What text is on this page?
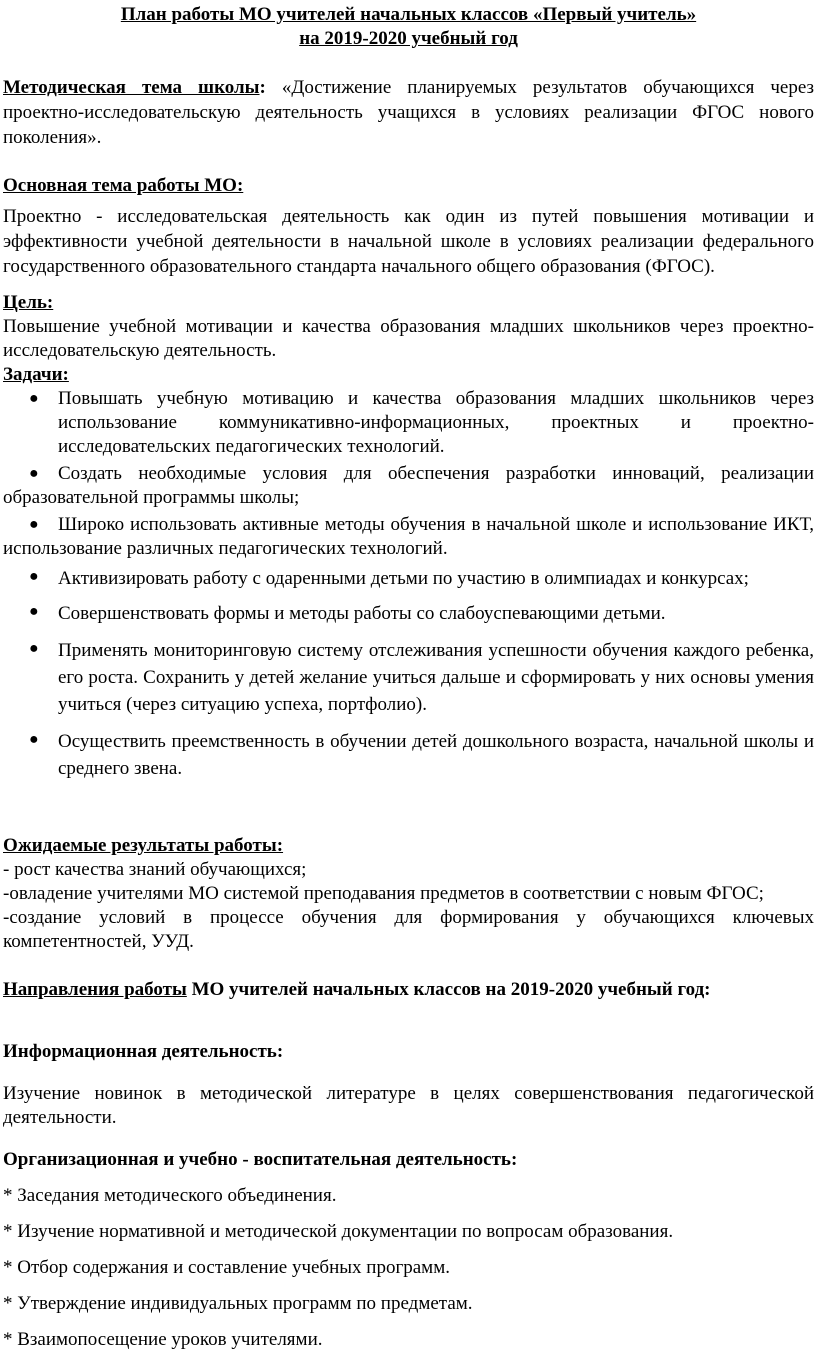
План работы МО учителей начальных классов «Первый учитель»

на 2019-2020 учебный год

Методическая тема школы: «Достижение планируемых результатов обучающихся через проектно-исследовательскую деятельность учащихся в условиях реализации ФГОС нового поколения».

Основная тема работы МО:

Проектно - исследовательская деятельность как один из путей повышения мотивации и эффективности учебной деятельности в начальной школе в условиях реализации федерального государственного образовательного стандарта начального общего образования (ФГОС).

Цель:

Повышение учебной мотивации и качества образования младших школьников через проектно-исследовательскую деятельность.

Задачи:

● Повышать учебную мотивацию и качества образования младших школьников через использование коммуникативно-информационных, проектных и проектно-исследовательских педагогических технологий.
● Создать необходимые условия для обеспечения разработки инноваций, реализации образовательной программы школы;
● Широко использовать активные методы обучения в начальной школе и использование ИКТ, использование различных педагогических технологий.
● Активизировать работу с одаренными детьми по участию в олимпиадах и конкурсах;
● Совершенствовать формы и методы работы со слабоуспевающими детьми.
● Применять мониторинговую систему отслеживания успешности обучения каждого ребенка, его роста. Сохранить у детей желание учиться дальше и сформировать у них основы умения учиться (через ситуацию успеха, портфолио).
● Осуществить преемственность в обучении детей дошкольного возраста, начальной школы и среднего звена.

Ожидаемые результаты работы:

- рост качества знаний обучающихся;

-овладение учителями МО системой преподавания предметов в соответствии с новым ФГОС;

-создание условий в процессе обучения для формирования у обучающихся ключевых компетентностей, УУД.

Направления работы МО учителей начальных классов на 2019-2020 учебный год:

Информационная деятельность:

Изучение новинок в методической литературе в целях совершенствования педагогической деятельности.

Организационная и учебно - воспитательная деятельность:

* Заседания методического объединения.

* Изучение нормативной и методической документации по вопросам образования.

* Отбор содержания и составление учебных программ.

* Утверждение индивидуальных программ по предметам.

* Взаимопосещение уроков учителями.
